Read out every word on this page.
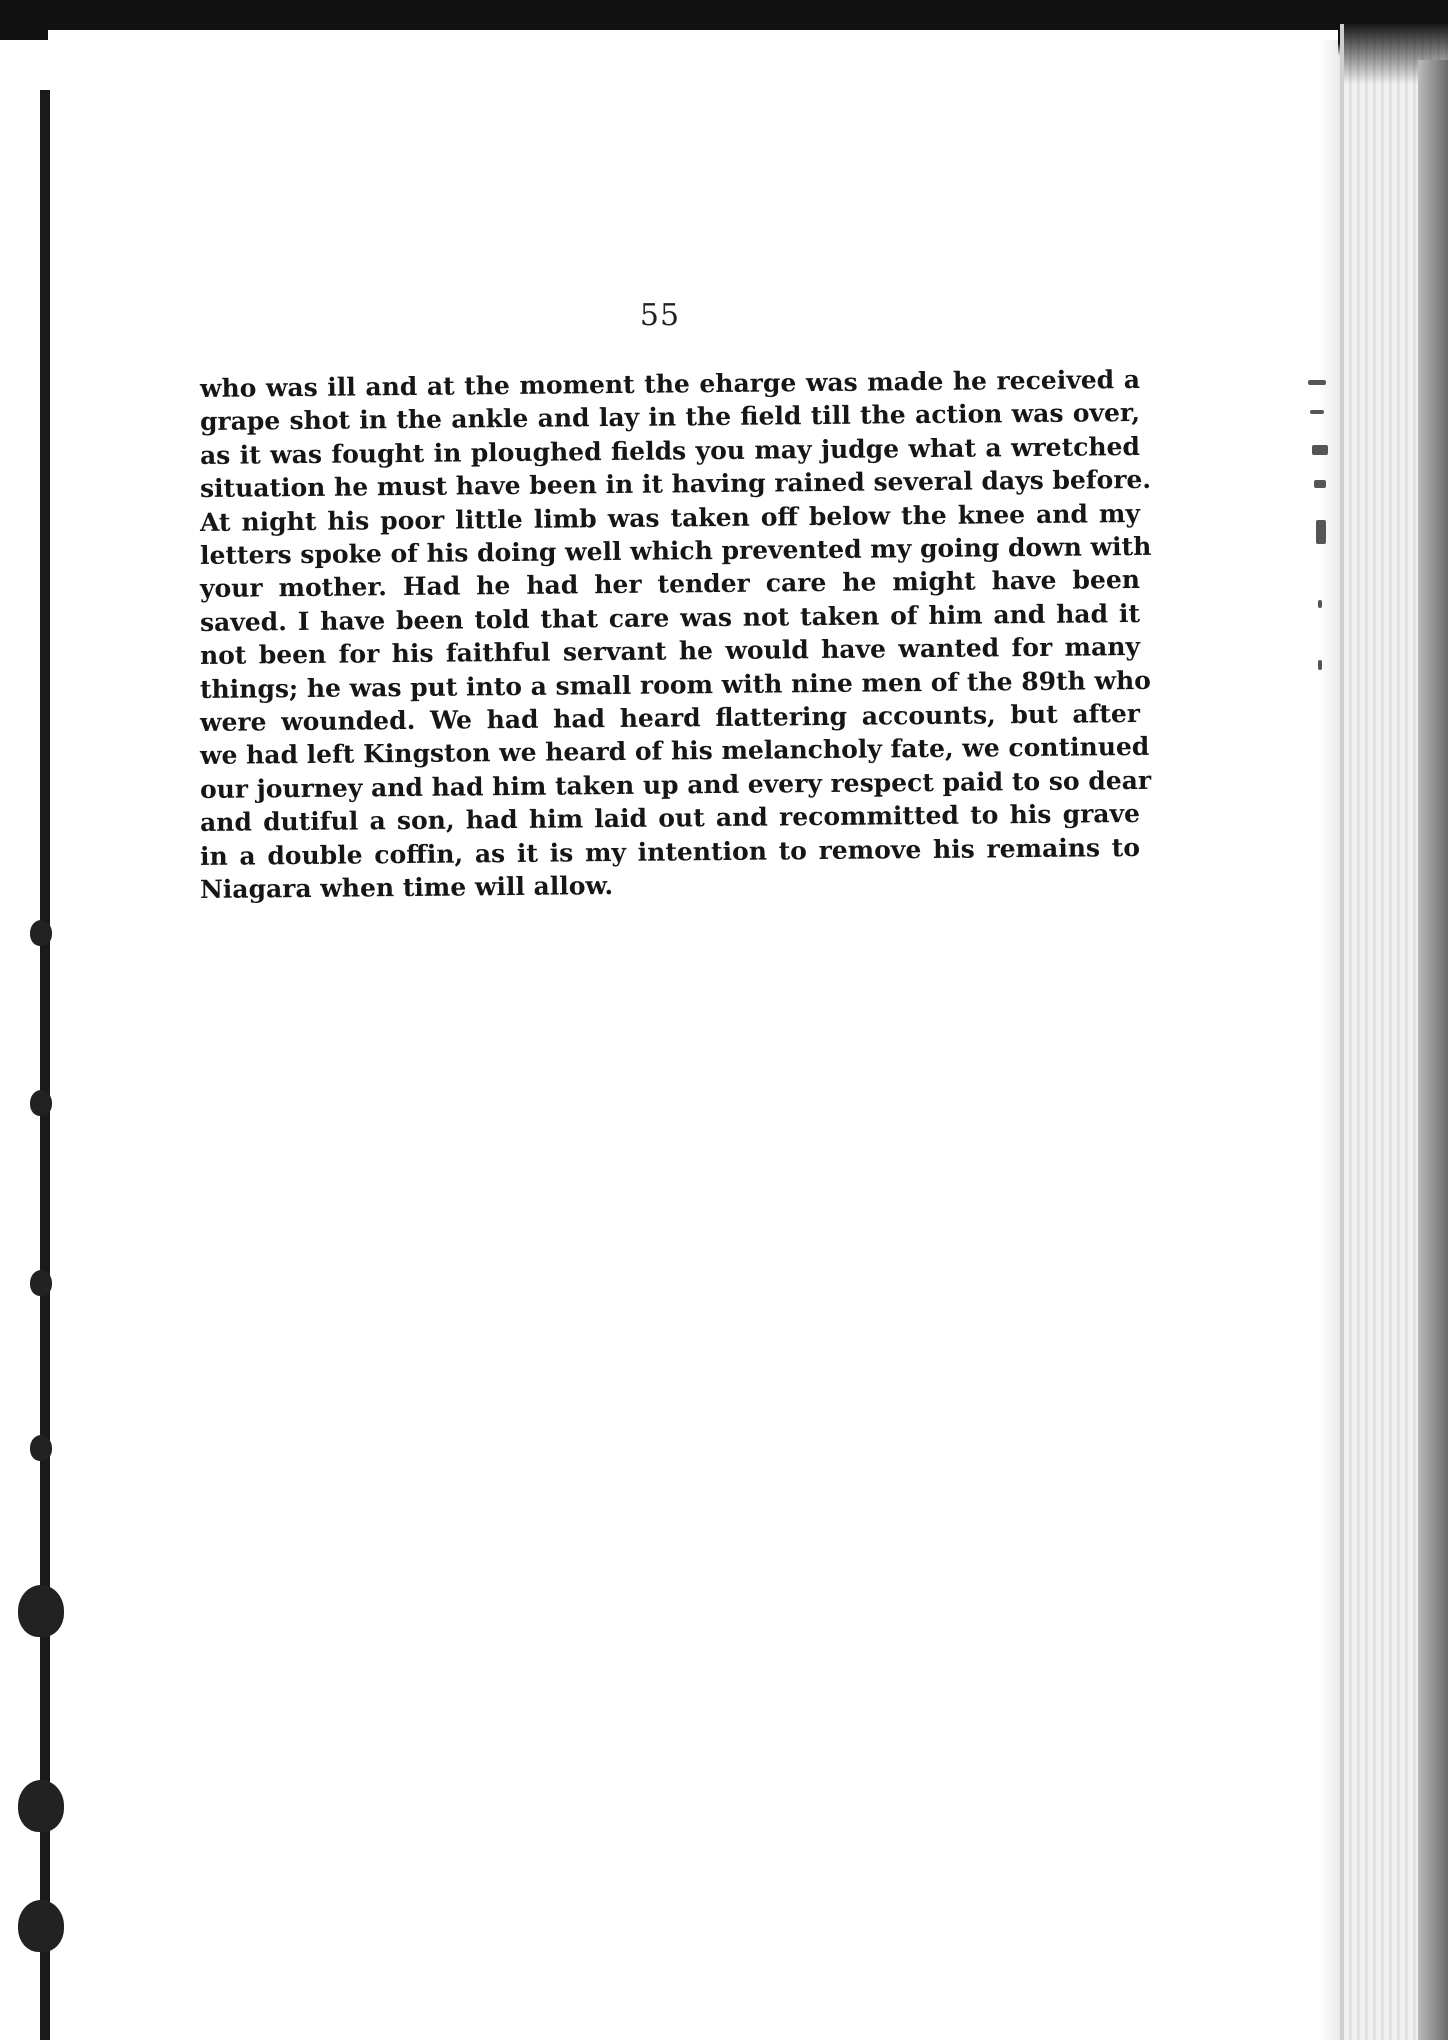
55
who was ill and at the moment the eharge was made he received a
grape shot in the ankle and lay in the field till the action was over,
as it was fought in ploughed fields you may judge what a wretched
situation he must have been in it having rained several days before.
At night his poor little limb was taken off below the knee and my
letters spoke of his doing well which prevented my going down with
your mother. Had he had her tender care he might have been
saved. I have been told that care was not taken of him and had it
not been for his faithful servant he would have wanted for many
things; he was put into a small room with nine men of the 89th who
were wounded. We had had heard flattering accounts, but after
we had left Kingston we heard of his melancholy fate, we continued
our journey and had him taken up and every respect paid to so dear
and dutiful a son, had him laid out and recommitted to his grave
in a double coffin, as it is my intention to remove his remains to
Niagara when time will allow.
